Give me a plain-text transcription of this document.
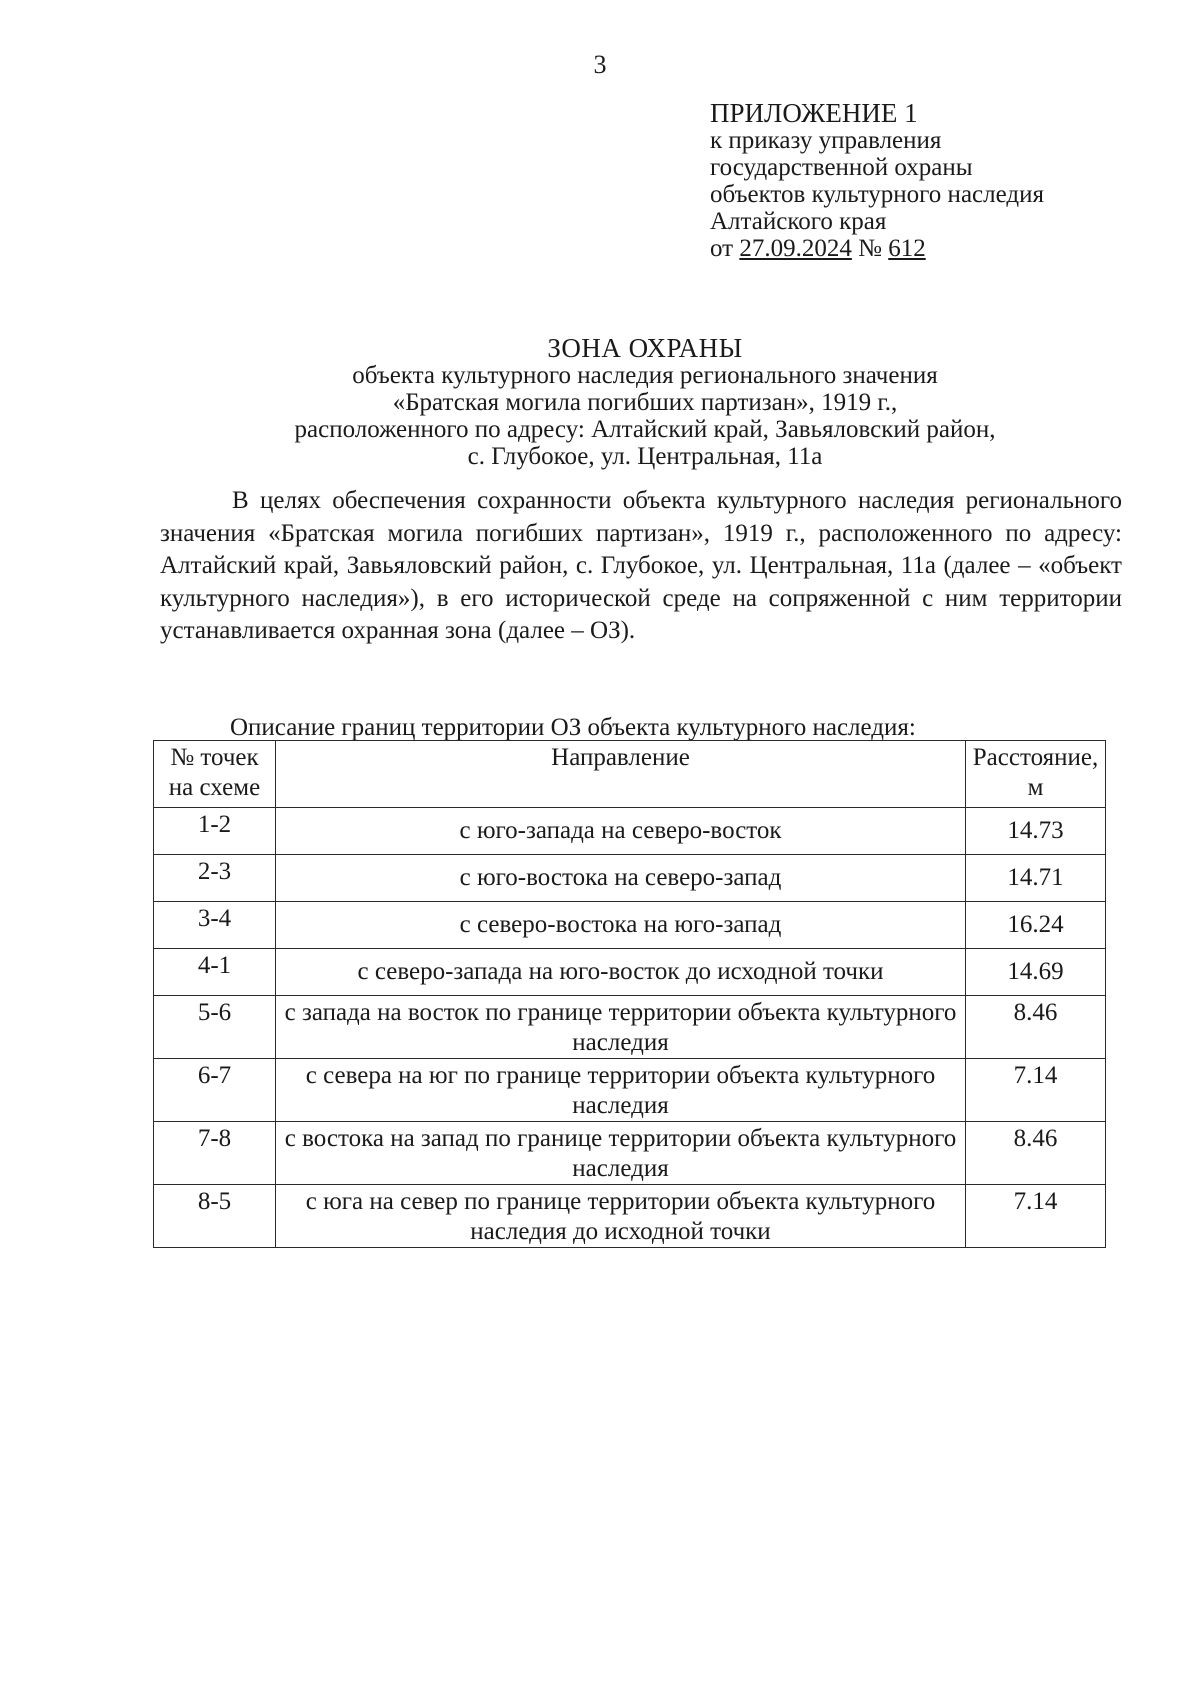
3
ПРИЛОЖЕНИЕ 1
к приказу управления
государственной охраны
объектов культурного наследия
Алтайского края
от 27.09.2024 № 612
ЗОНА ОХРАНЫ
объекта культурного наследия регионального значения
«Братская могила погибших партизан», 1919 г.,
расположенного по адресу: Алтайский край, Завьяловский район,
с. Глубокое, ул. Центральная, 11а

В целях обеспечения сохранности объекта культурного наследия регионального значения «Братская могила погибших партизан», 1919 г., расположенного по адресу: Алтайский край, Завьяловский район, с. Глубокое, ул. Центральная, 11а (далее – «объект культурного наследия»), в его исторической среде на сопряженной с ним территории устанавливается охранная зона (далее – ОЗ).

Описание границ территории ОЗ объекта культурного наследия:
№ точек на схеме	Направление	Расстояние, м
1-2	с юго-запада на северо-восток	14.73
2-3	с юго-востока на северо-запад	14.71
3-4	с северо-востока на юго-запад	16.24
4-1	с северо-запада на юго-восток до исходной точки	14.69
5-6	с запада на восток по границе территории объекта культурного наследия	8.46
6-7	с севера на юг по границе территории объекта культурного наследия	7.14
7-8	с востока на запад по границе территории объекта культурного наследия	8.46
8-5	с юга на север по границе территории объекта культурного наследия до исходной точки	7.14
